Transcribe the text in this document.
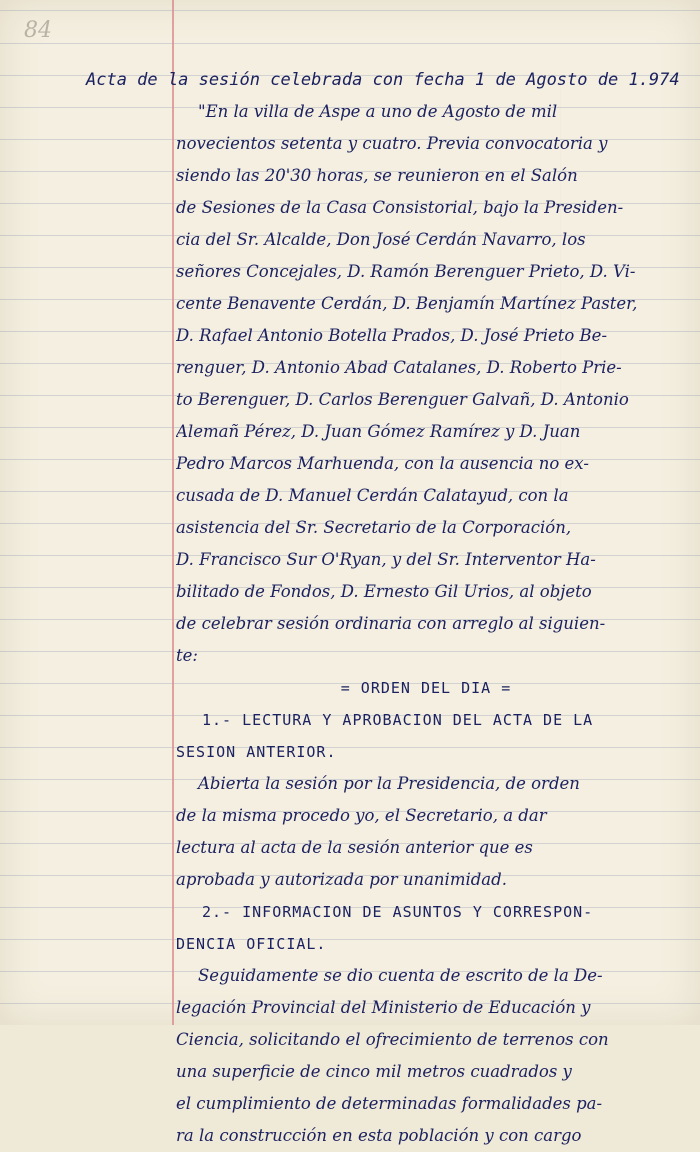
84
Acta de la sesión celebrada con fecha 1 de Agosto de 1.974
"En la villa de Aspe a uno de Agosto de mil
novecientos setenta y cuatro. Previa convocatoria y
siendo las 20'30 horas, se reunieron en el Salón
de Sesiones de la Casa Consistorial, bajo la Presiden-
cia del Sr. Alcalde, Don José Cerdán Navarro, los
señores Concejales, D. Ramón Berenguer Prieto, D. Vi-
cente Benavente Cerdán, D. Benjamín Martínez Paster,
D. Rafael Antonio Botella Prados, D. José Prieto Be-
renguer, D. Antonio Abad Catalanes, D. Roberto Prie-
to Berenguer, D. Carlos Berenguer Galvañ, D. Antonio
Alemañ Pérez, D. Juan Gómez Ramírez y D. Juan
Pedro Marcos Marhuenda, con la ausencia no ex-
cusada de D. Manuel Cerdán Calatayud, con la
asistencia del Sr. Secretario de la Corporación,
D. Francisco Sur O'Ryan, y del Sr. Interventor Ha-
bilitado de Fondos, D. Ernesto Gil Urios, al objeto
de celebrar sesión ordinaria con arreglo al siguien-
te:
= ORDEN DEL DIA =
1.- LECTURA Y APROBACION DEL ACTA DE LA
SESION ANTERIOR.
Abierta la sesión por la Presidencia, de orden
de la misma procedo yo, el Secretario, a dar
lectura al acta de la sesión anterior que es
aprobada y autorizada por unanimidad.
2.- INFORMACION DE ASUNTOS Y CORRESPON-
DENCIA OFICIAL.
Seguidamente se dio cuenta de escrito de la De-
legación Provincial del Ministerio de Educación y
Ciencia, solicitando el ofrecimiento de terrenos con
una superficie de cinco mil metros cuadrados y
el cumplimiento de determinadas formalidades pa-
ra la construcción en esta población y con cargo
